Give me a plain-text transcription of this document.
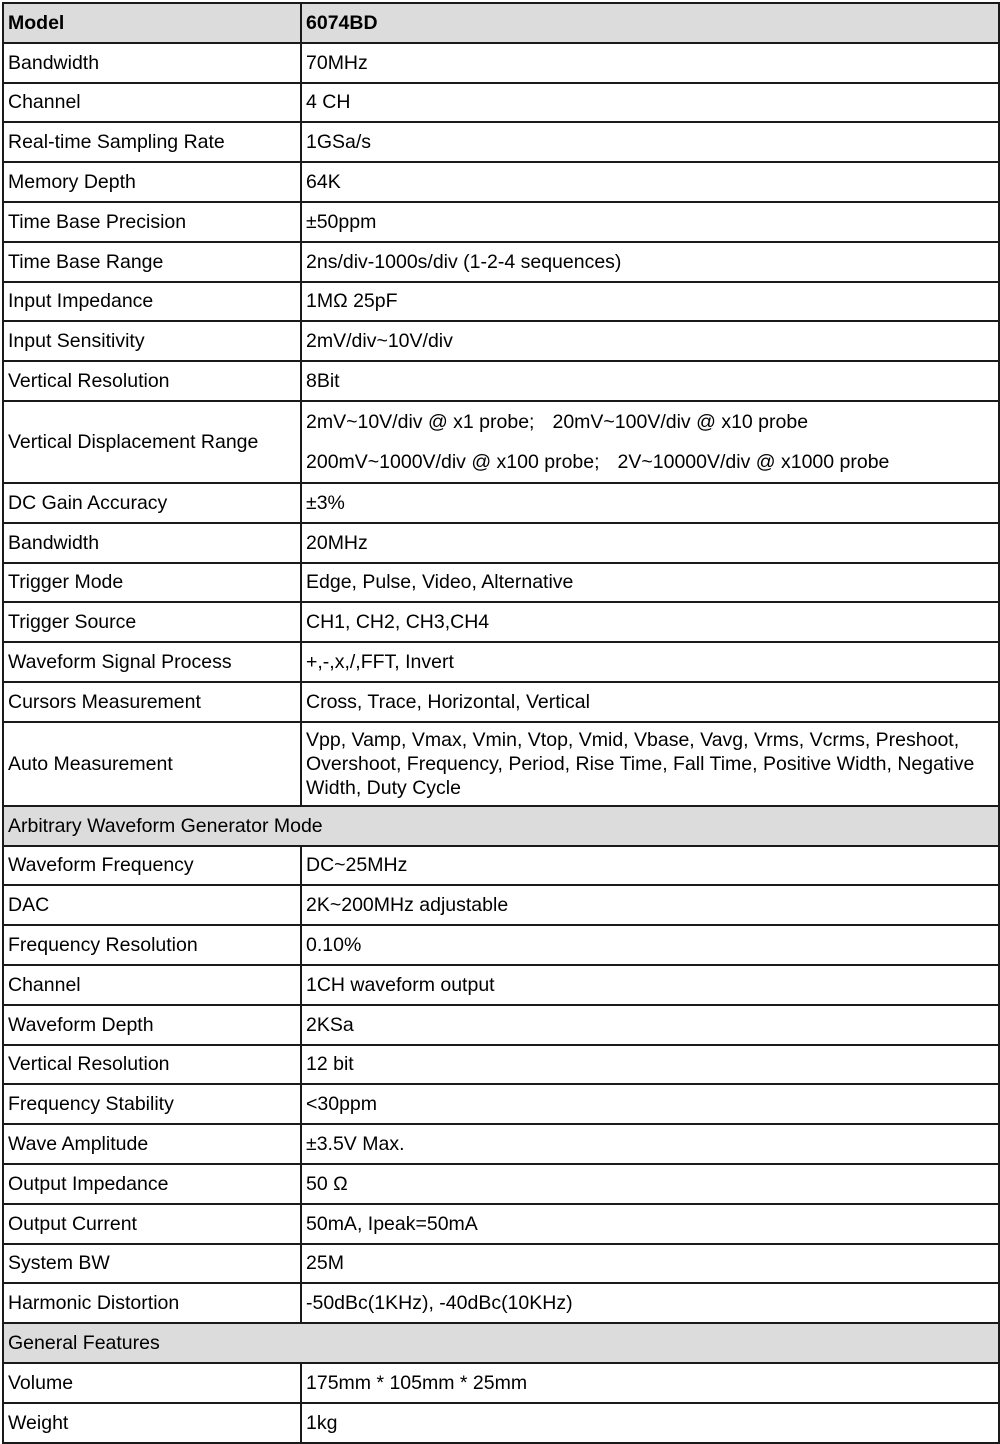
Model	6074BD
Bandwidth	70MHz
Channel	4 CH
Real-time Sampling Rate	1GSa/s
Memory Depth	64K
Time Base Precision	±50ppm
Time Base Range	2ns/div-1000s/div (1-2-4 sequences)
Input Impedance	1MΩ 25pF
Input Sensitivity	2mV/div~10V/div
Vertical Resolution	8Bit
Vertical Displacement Range	2mV~10V/div @ x1 probe; 20mV~100V/div @ x10 probe
200mV~1000V/div @ x100 probe; 2V~10000V/div @ x1000 probe

DC Gain Accuracy	±3%
Bandwidth	20MHz
Trigger Mode	Edge, Pulse, Video, Alternative
Trigger Source	CH1, CH2, CH3,CH4
Waveform Signal Process	+,-,x,/,FFT, Invert
Cursors Measurement	Cross, Trace, Horizontal, Vertical
Auto Measurement	Vpp, Vamp, Vmax, Vmin, Vtop, Vmid, Vbase, Vavg, Vrms, Vcrms, Preshoot, Overshoot, Frequency, Period, Rise Time, Fall Time, Positive Width, Negative Width, Duty Cycle
Arbitrary Waveform Generator Mode	
Waveform Frequency	DC~25MHz
DAC	2K~200MHz adjustable
Frequency Resolution	0.10%
Channel	1CH waveform output
Waveform Depth	2KSa
Vertical Resolution	12 bit
Frequency Stability	<30ppm
Wave Amplitude	±3.5V Max.
Output Impedance	50 Ω
Output Current	50mA, Ipeak=50mA
System BW	25M
Harmonic Distortion	-50dBc(1KHz), -40dBc(10KHz)
General Features	
Volume	175mm * 105mm * 25mm
Weight	1kg
